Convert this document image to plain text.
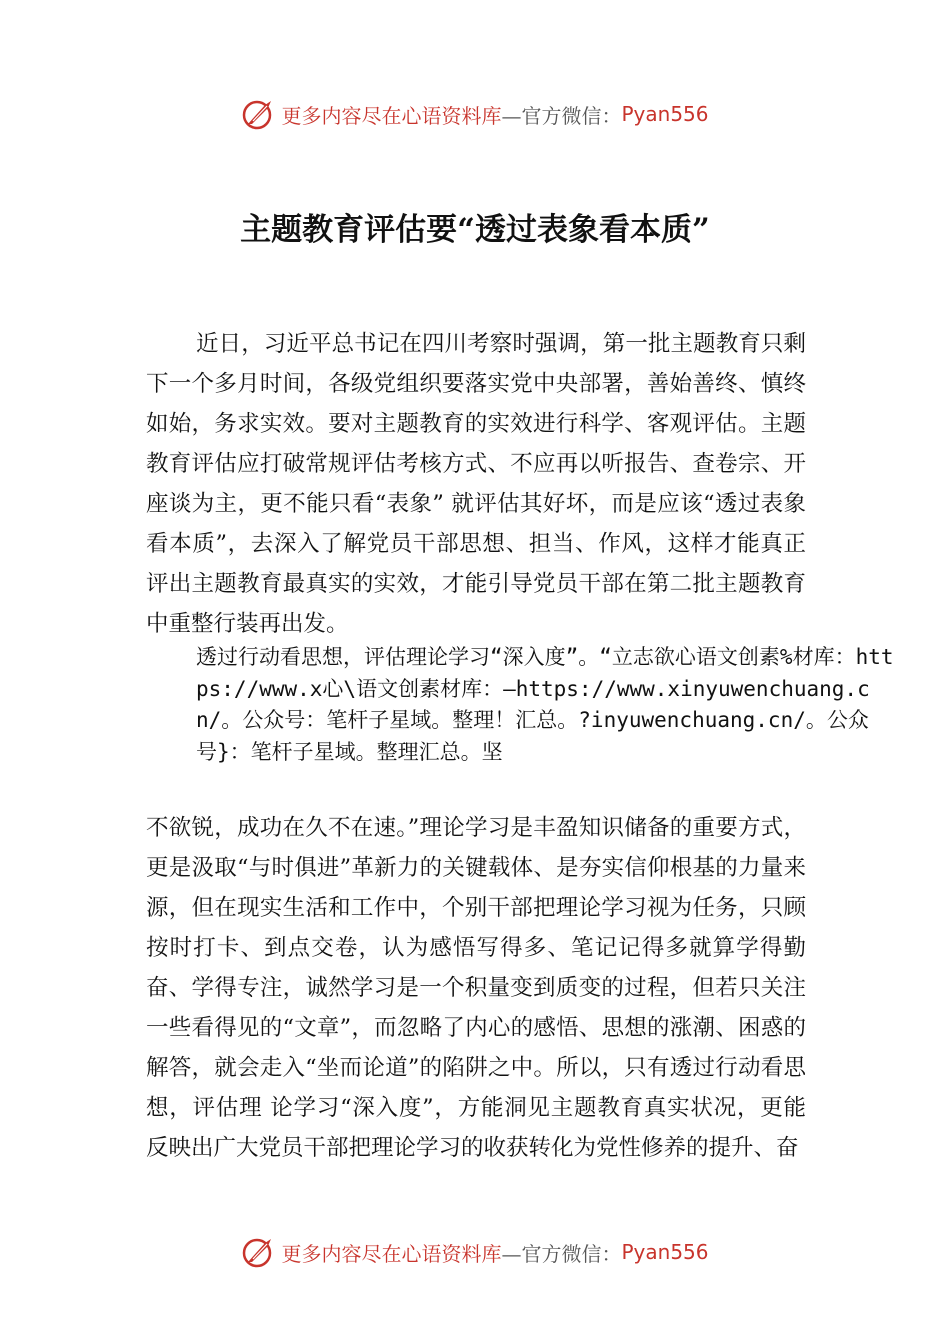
更多内容尽在心语资料库 —官方微信： Pyan556
主题教育评估要“透过表象看本质”

近日，习近平总书记在四川考察时强调，第一批主题教育只剩下一个多月时间，各级党组织要落实党中央部署，善始善终、慎终如始，务求实效。要对主题教育的实效进行科学、客观评估。主题教育评估应打破常规评估考核方式、不应再以听报告、查卷宗、开座谈为主，更不能只看“表象” 就评估其好坏，而是应该“透过表象看本质”，去深入了解党员干部思想、担当、作风，这样才能真正评出主题教育最真实的实效，才能引导党员干部在第二批主题教育中重整行装再出发。

透过行动看思想，评估理论学习“深入度”。“立志欲心语文创素%材库：https://www.x心\语文创素材库：—https://www.xinyuwenchuang.cn/。公众号：笔杆子星域。整理！汇总。?inyuwenchuang.cn/。公众号}：笔杆子星域。整理汇总。坚

不欲锐，成功在久不在速。”理论学习是丰盈知识储备的重要方式，更是汲取“与时俱进”革新力的关键载体、是夯实信仰根基的力量来源，但在现实生活和工作中，个别干部把理论学习视为任务，只顾按时打卡、到点交卷，认为感悟写得多、笔记记得多就算学得勤奋、学得专注，诚然学习是一个积量变到质变的过程，但若只关注一些看得见的“文章”，而忽略了内心的感悟、思想的涨潮、困惑的解答，就会走入“坐而论道”的陷阱之中。所以，只有透过行动看思想，评估理 论学习“深入度”，方能洞见主题教育真实状况，更能反映出广大党员干部把理论学习的收获转化为党性修养的提升、奋

更多内容尽在心语资料库 —官方微信： Pyan556
